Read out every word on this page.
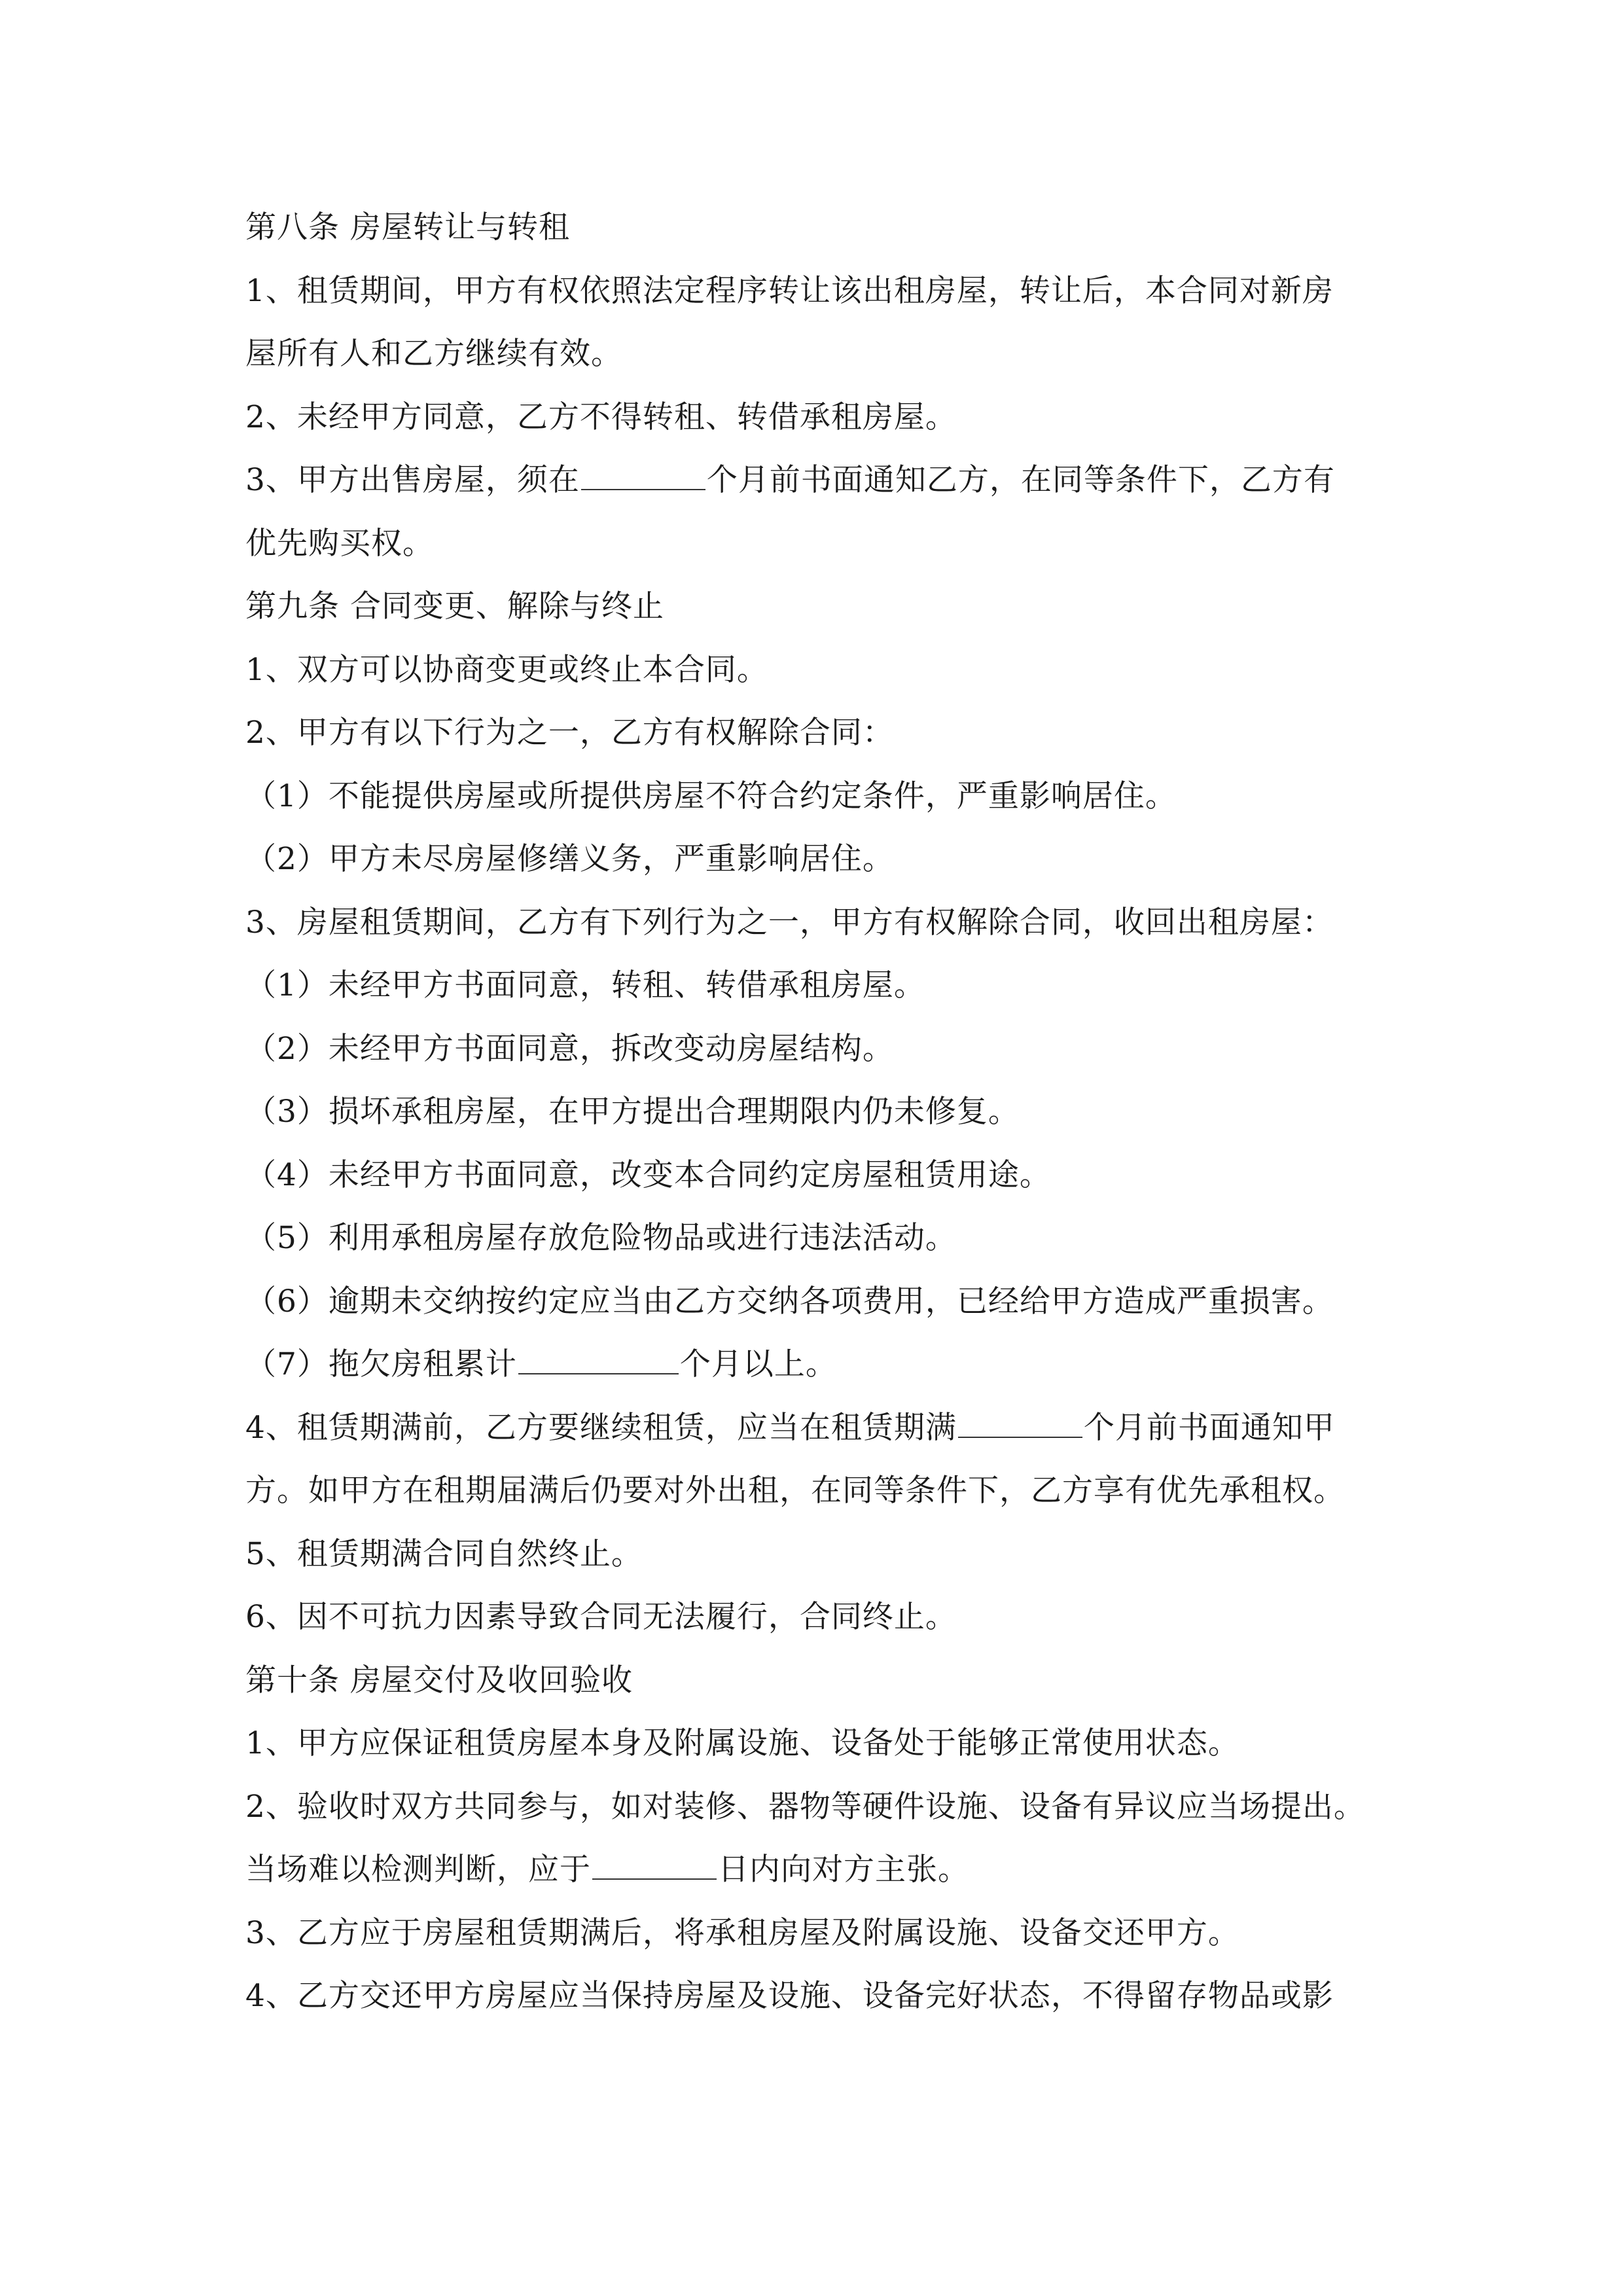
第八条 房屋转让与转租
1、租赁期间，甲方有权依照法定程序转让该出租房屋，转让后，本合同对新房
屋所有人和乙方继续有效。
2、未经甲方同意，乙方不得转租、转借承租房屋。
3、甲方出售房屋，须在	个月前书面通知乙方，在同等条件下，乙方有
优先购买权。
第九条 合同变更、解除与终止
1、双方可以协商变更或终止本合同。
2、甲方有以下行为之一，乙方有权解除合同：
（1）不能提供房屋或所提供房屋不符合约定条件，严重影响居住。
（2）甲方未尽房屋修缮义务，严重影响居住。
3、房屋租赁期间，乙方有下列行为之一，甲方有权解除合同，收回出租房屋：
（1）未经甲方书面同意，转租、转借承租房屋。
（2）未经甲方书面同意，拆改变动房屋结构。
（3）损坏承租房屋，在甲方提出合理期限内仍未修复。
（4）未经甲方书面同意，改变本合同约定房屋租赁用途。
（5）利用承租房屋存放危险物品或进行违法活动。
（6）逾期未交纳按约定应当由乙方交纳各项费用，已经给甲方造成严重损害。
（7）拖欠房租累计	个月以上。
4、租赁期满前，乙方要继续租赁，应当在租赁期满	个月前书面通知甲
方。如甲方在租期届满后仍要对外出租，在同等条件下，乙方享有优先承租权。
5、租赁期满合同自然终止。
6、因不可抗力因素导致合同无法履行，合同终止。
第十条 房屋交付及收回验收
1、甲方应保证租赁房屋本身及附属设施、设备处于能够正常使用状态。
2、验收时双方共同参与，如对装修、器物等硬件设施、设备有异议应当场提出。
当场难以检测判断，应于	日内向对方主张。
3、乙方应于房屋租赁期满后，将承租房屋及附属设施、设备交还甲方。
4、乙方交还甲方房屋应当保持房屋及设施、设备完好状态，不得留存物品或影
